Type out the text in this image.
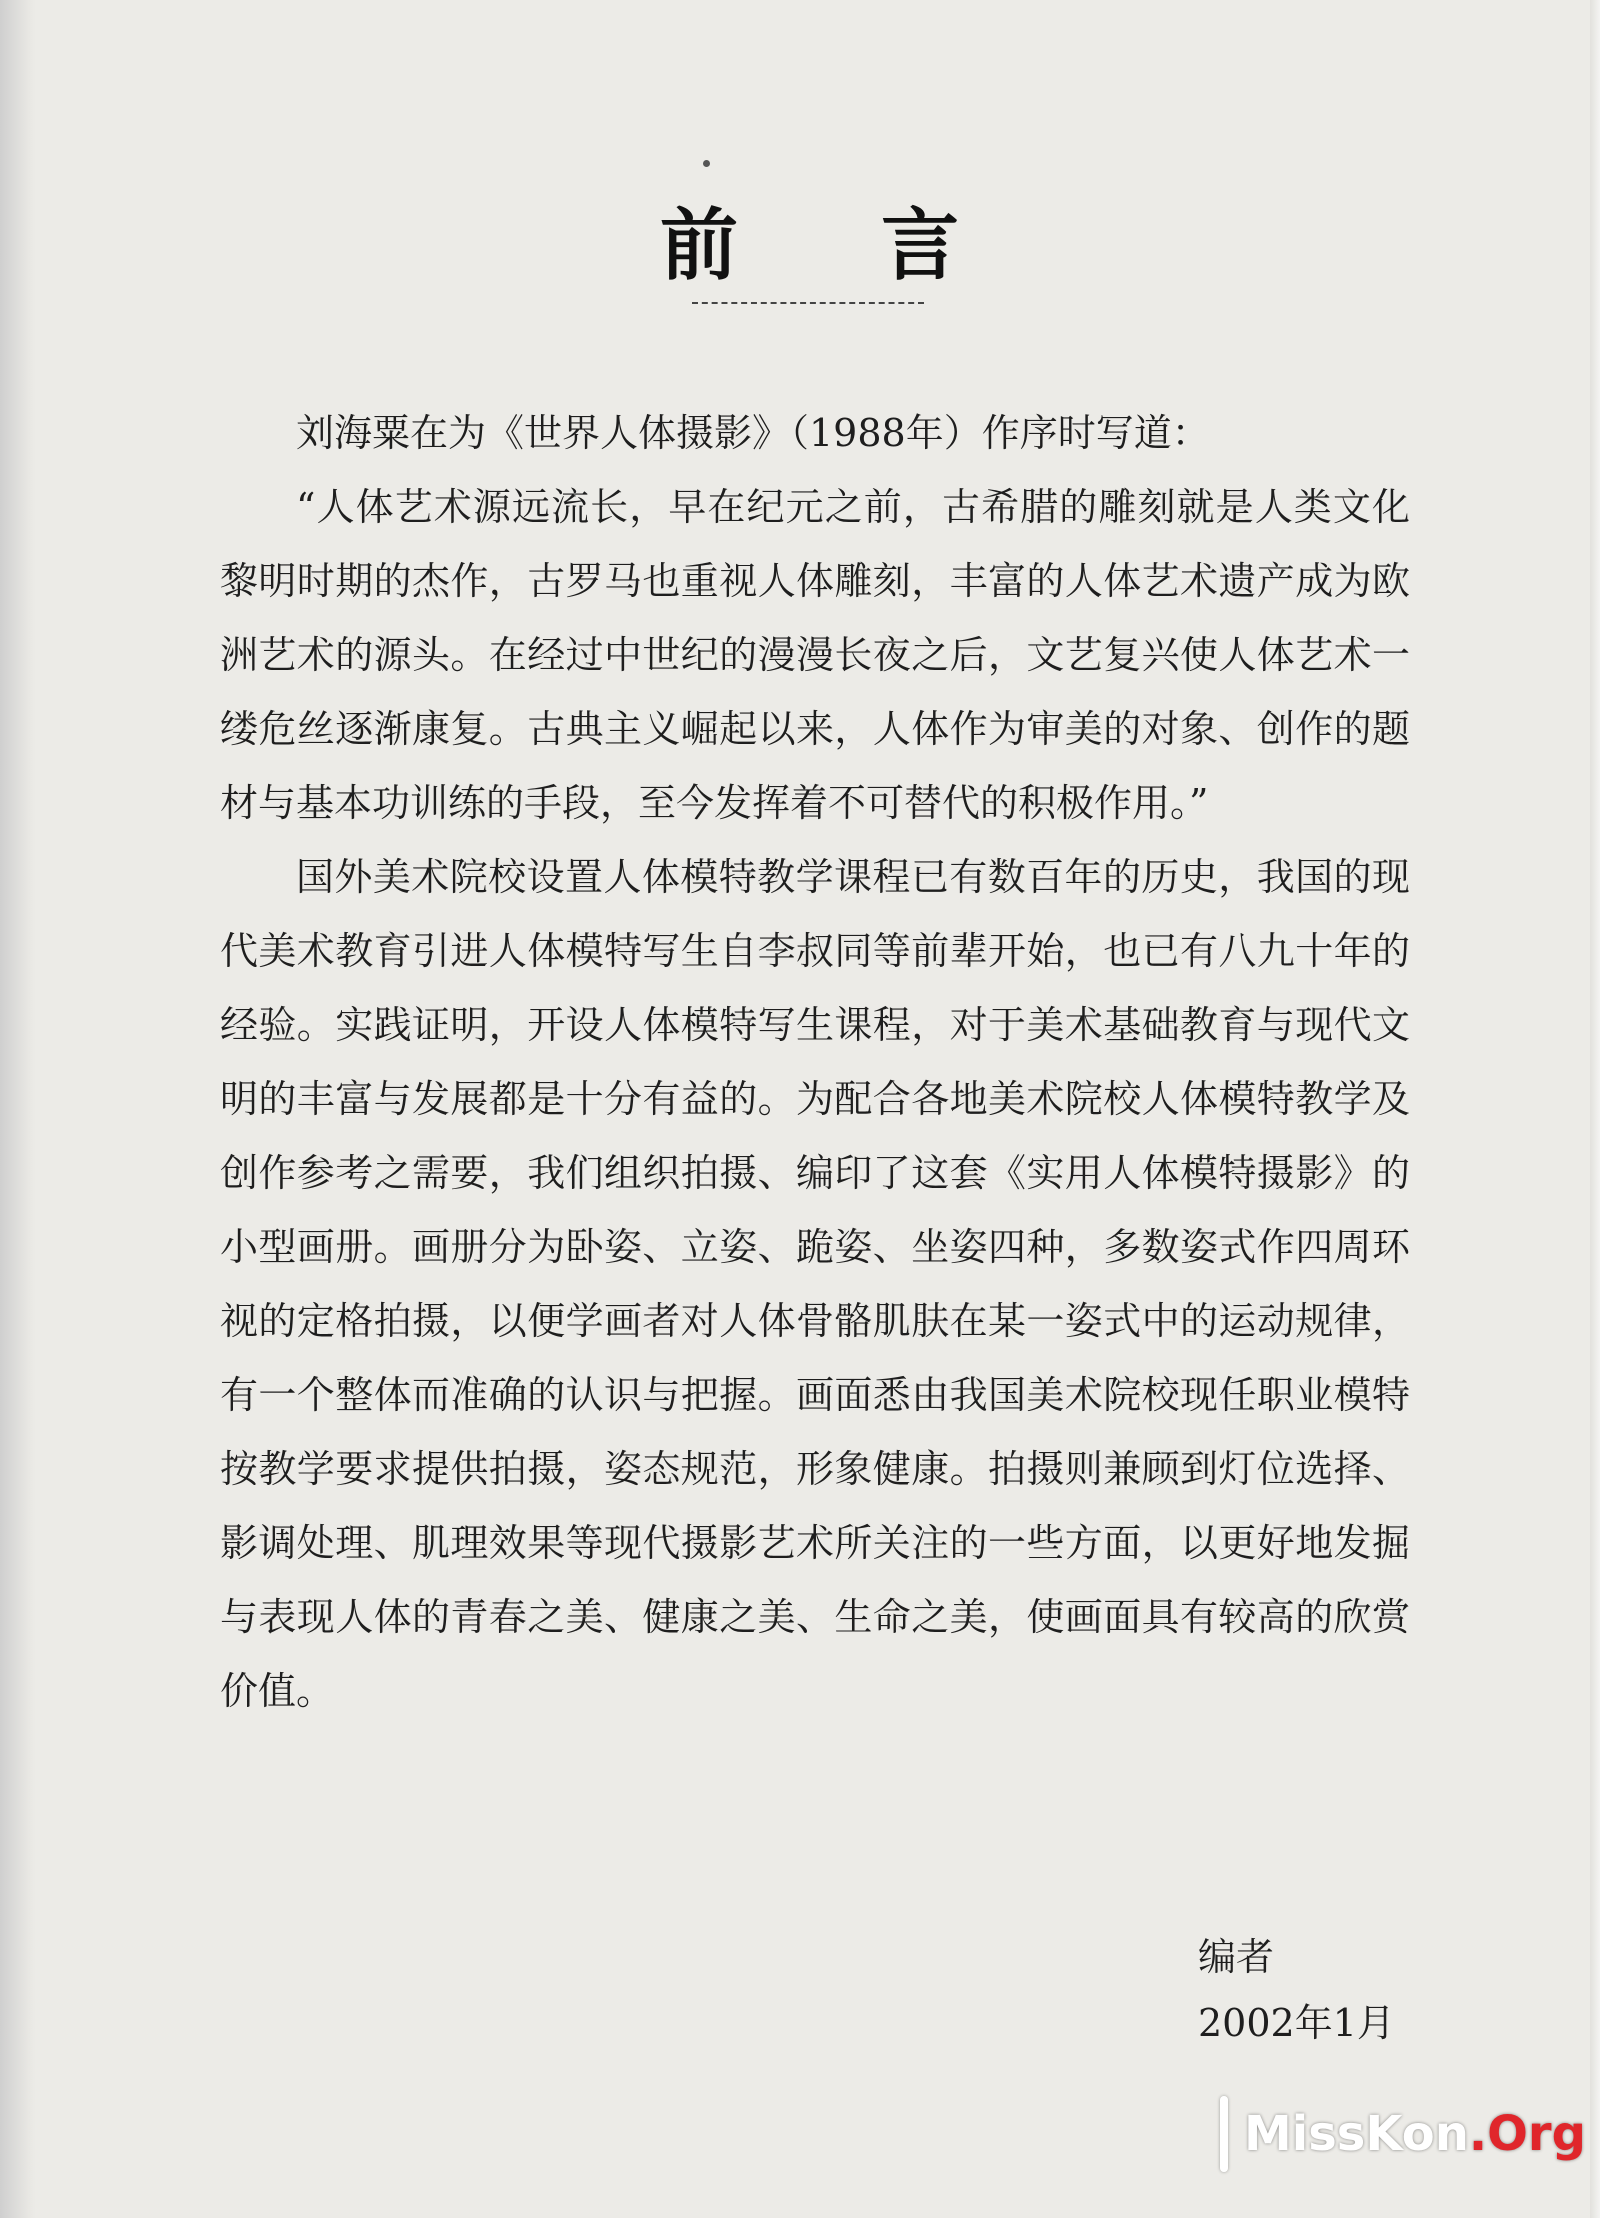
前 言

刘海粟在为《世界人体摄影》（1988年）作序时写道：

“人体艺术源远流长，早在纪元之前，古希腊的雕刻就是人类文化黎明时期的杰作，古罗马也重视人体雕刻，丰富的人体艺术遗产成为欧洲艺术的源头。在经过中世纪的漫漫长夜之后，文艺复兴使人体艺术一缕危丝逐渐康复。古典主义崛起以来，人体作为审美的对象、创作的题材与基本功训练的手段，至今发挥着不可替代的积极作用。”

国外美术院校设置人体模特教学课程已有数百年的历史，我国的现代美术教育引进人体模特写生自李叔同等前辈开始，也已有八九十年的经验。实践证明，开设人体模特写生课程，对于美术基础教育与现代文明的丰富与发展都是十分有益的。为配合各地美术院校人体模特教学及创作参考之需要，我们组织拍摄、编印了这套《实用人体模特摄影》的小型画册。画册分为卧姿、立姿、跪姿、坐姿四种，多数姿式作四周环视的定格拍摄，以便学画者对人体骨骼肌肤在某一姿式中的运动规律，有一个整体而准确的认识与把握。画面悉由我国美术院校现任职业模特按教学要求提供拍摄，姿态规范，形象健康。拍摄则兼顾到灯位选择、影调处理、肌理效果等现代摄影艺术所关注的一些方面，以更好地发掘与表现人体的青春之美、健康之美、生命之美，使画面具有较高的欣赏价值。

编者
2002年1月
MissKon.Org
